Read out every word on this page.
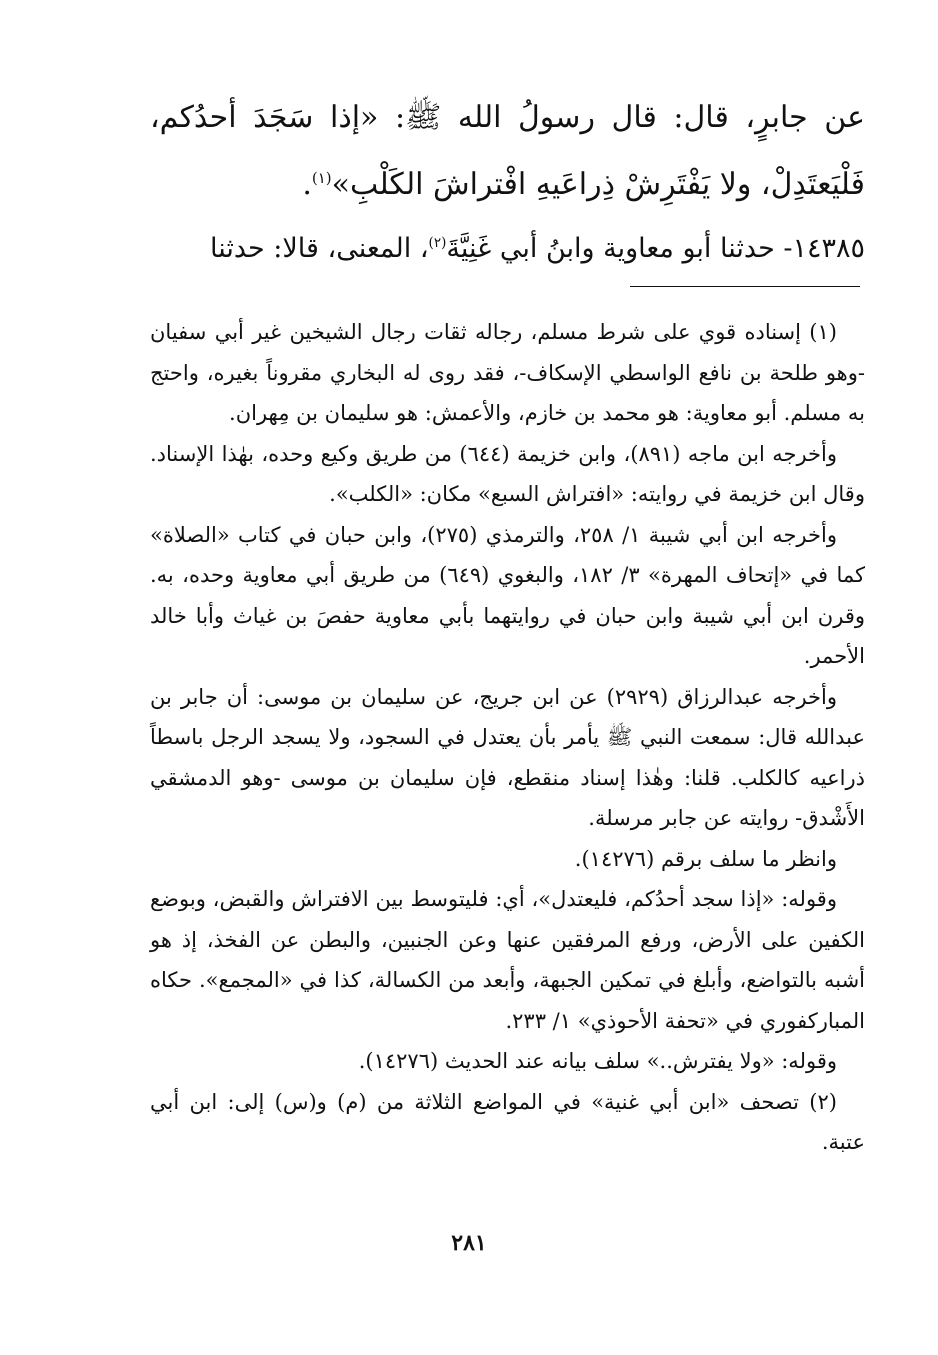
عن جابرٍ، قال: قال رسولُ الله ﷺ: «إذا سَجَدَ أحدُكم، فَلْيَعتَدِلْ، ولا يَفْتَرِشْ ذِراعَيهِ افْتراشَ الكَلْبِ»$^{(١)}$.

١٤٣٨٥- حدثنا أبو معاوية وابنُ أبي غَنِيَّةَ$^{(٢)}$، المعنى، قالا: حدثنا

(١) إسناده قوي على شرط مسلم، رجاله ثقات رجال الشيخين غير أبي سفيان -وهو طلحة بن نافع الواسطي الإسكاف-، فقد روى له البخاري مقروناً بغيره، واحتج به مسلم. أبو معاوية: هو محمد بن خازم، والأعمش: هو سليمان بن مِهران.

وأخرجه ابن ماجه (٨٩١)، وابن خزيمة (٦٤٤) من طريق وكيع وحده، بهٰذا الإسناد. وقال ابن خزيمة في روايته: «افتراش السبع» مكان: «الكلب».

وأخرجه ابن أبي شيبة ١/ ٢٥٨، والترمذي (٢٧٥)، وابن حبان في كتاب «الصلاة» كما في «إتحاف المهرة» ٣/ ١٨٢، والبغوي (٦٤٩) من طريق أبي معاوية وحده، به. وقرن ابن أبي شيبة وابن حبان في روايتهما بأبي معاوية حفصَ بن غياث وأبا خالد الأحمر.

وأخرجه عبدالرزاق (٢٩٢٩) عن ابن جريج، عن سليمان بن موسى: أن جابر بن عبدالله قال: سمعت النبي ﷺ يأمر بأن يعتدل في السجود، ولا يسجد الرجل باسطاً ذراعيه كالكلب. قلنا: وهٰذا إسناد منقطع، فإن سليمان بن موسى -وهو الدمشقي الأَشْدق- روايته عن جابر مرسلة.

وانظر ما سلف برقم (١٤٢٧٦).

وقوله: «إذا سجد أحدُكم، فليعتدل»، أي: فليتوسط بين الافتراش والقبض، وبوضع الكفين على الأرض، ورفع المرفقين عنها وعن الجنبين، والبطن عن الفخذ، إذ هو أشبه بالتواضع، وأبلغ في تمكين الجبهة، وأبعد من الكسالة، كذا في «المجمع». حكاه المباركفوري في «تحفة الأحوذي» ١/ ٢٣٣.

وقوله: «ولا يفترش..» سلف بيانه عند الحديث (١٤٢٧٦).

(٢) تصحف «ابن أبي غنية» في المواضع الثلاثة من (م) و(س) إلى: ابن أبي عتبة.

٢٨١
